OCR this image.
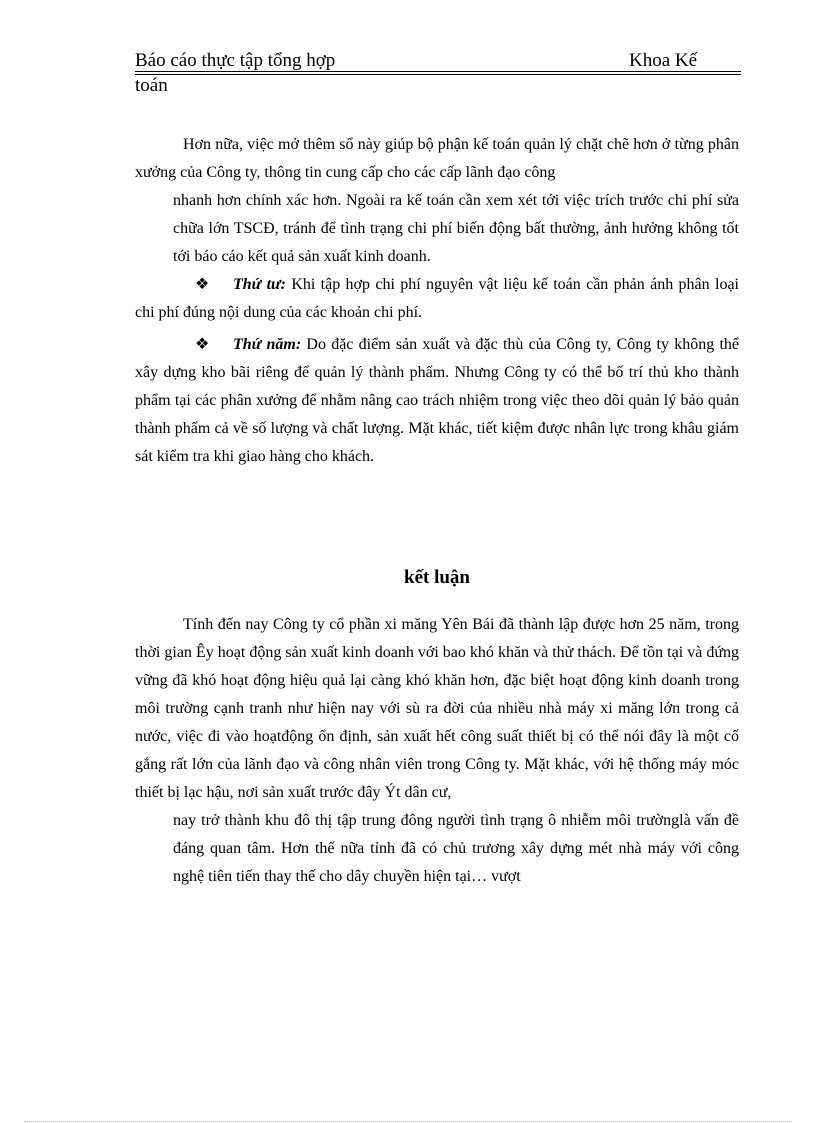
Báo cáo thực tập tổng hợp	Khoa Kế
toán

Hơn nữa, việc mở thêm sổ này giúp bộ phận kế toán quản lý chặt chẽ hơn ở từng phân xưởng của Công ty, thông tin cung cấp cho các cấp lãnh đạo công

nhanh hơn chính xác hơn. Ngoài ra kế toán cần xem xét tới việc trích trước chi phí sửa chữa lớn TSCĐ, tránh để tình trạng chi phí biến động bất thường, ảnh hưởng không tốt tới báo cáo kết quả sản xuất kinh doanh.

❖ Thứ tư: Khi tập hợp chi phí nguyên vật liệu kế toán cần phản ánh phân loại chi phí đúng nội dung của các khoản chi phí.

❖ Thứ năm: Do đặc điểm sản xuất và đặc thù của Công ty, Công ty không thể xây dựng kho bãi riêng để quản lý thành phẩm. Nhưng Công ty có thể bố trí thủ kho thành phẩm tại các phân xưởng để nhằm nâng cao trách nhiệm trong việc theo dõi quản lý bảo quản thành phẩm cả về số lượng và chất lượng. Mặt khác, tiết kiệm được nhân lực trong khâu giám sát kiểm tra khi giao hàng cho khách.

kết luận

Tính đến nay Công ty cổ phần xi măng Yên Bái đã thành lập được hơn 25 năm, trong thời gian Êy hoạt động sản xuất kinh doanh với bao khó khăn và thử thách. Để tồn tại và đứng vững đã khó hoạt động hiệu quả lại càng khó khăn hơn, đặc biệt hoạt động kinh doanh trong môi trường cạnh tranh như hiện nay với sù ra đời của nhiều nhà máy xi măng lớn trong cả nước, việc đi vào hoạtđộng ổn định, sản xuất hết công suất thiết bị có thể nói đây là một cố gắng rất lớn của lãnh đạo và công nhân viên trong Công ty. Mặt khác, với hệ thống máy móc thiết bị lạc hậu, nơi sản xuất trước đây Ýt dân cư,

nay trở thành khu đô thị tập trung đông người tình trạng ô nhiễm môi trườnglà vấn đề đáng quan tâm. Hơn thế nữa tỉnh đã có chủ trương xây dựng mét nhà máy với công nghệ tiên tiến thay thế cho dây chuyền hiện tại… vượt
